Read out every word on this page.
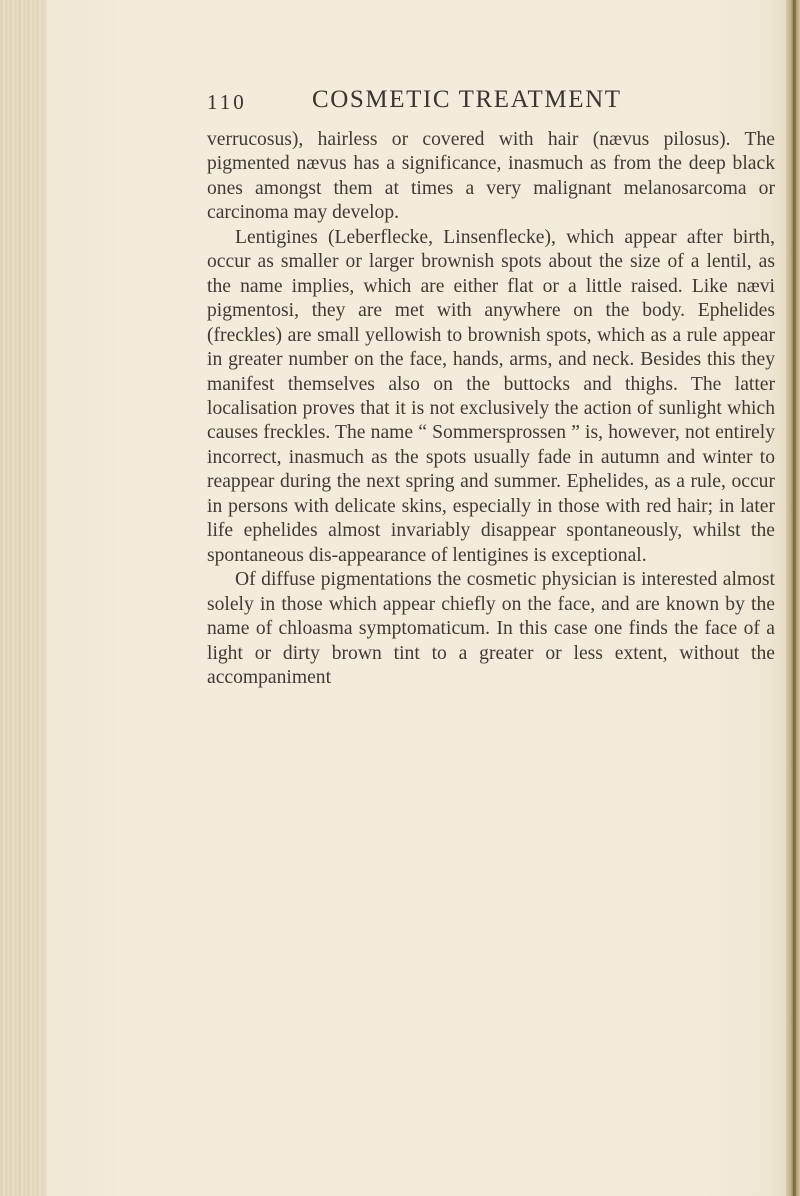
110	COSMETIC TREATMENT

verrucosus), hairless or covered with hair (nævus pilosus). The pigmented nævus has a significance, inasmuch as from the deep black ones amongst them at times a very malignant melanosarcoma or carcinoma may develop.

Lentigines (Leberflecke, Linsenflecke), which appear after birth, occur as smaller or larger brownish spots about the size of a lentil, as the name implies, which are either flat or a little raised. Like nævi pigmentosi, they are met with anywhere on the body. Ephelides (freckles) are small yellowish to brownish spots, which as a rule appear in greater number on the face, hands, arms, and neck. Besides this they manifest themselves also on the buttocks and thighs. The latter localisation proves that it is not exclusively the action of sunlight which causes freckles. The name “ Sommersprossen ” is, however, not entirely incorrect, inasmuch as the spots usually fade in autumn and winter to reappear during the next spring and summer. Ephelides, as a rule, occur in persons with delicate skins, especially in those with red hair; in later life ephelides almost invariably disappear spontaneously, whilst the spontaneous dis-appearance of lentigines is exceptional.

Of diffuse pigmentations the cosmetic physician is interested almost solely in those which appear chiefly on the face, and are known by the name of chloasma symptomaticum. In this case one finds the face of a light or dirty brown tint to a greater or less extent, without the accompaniment
